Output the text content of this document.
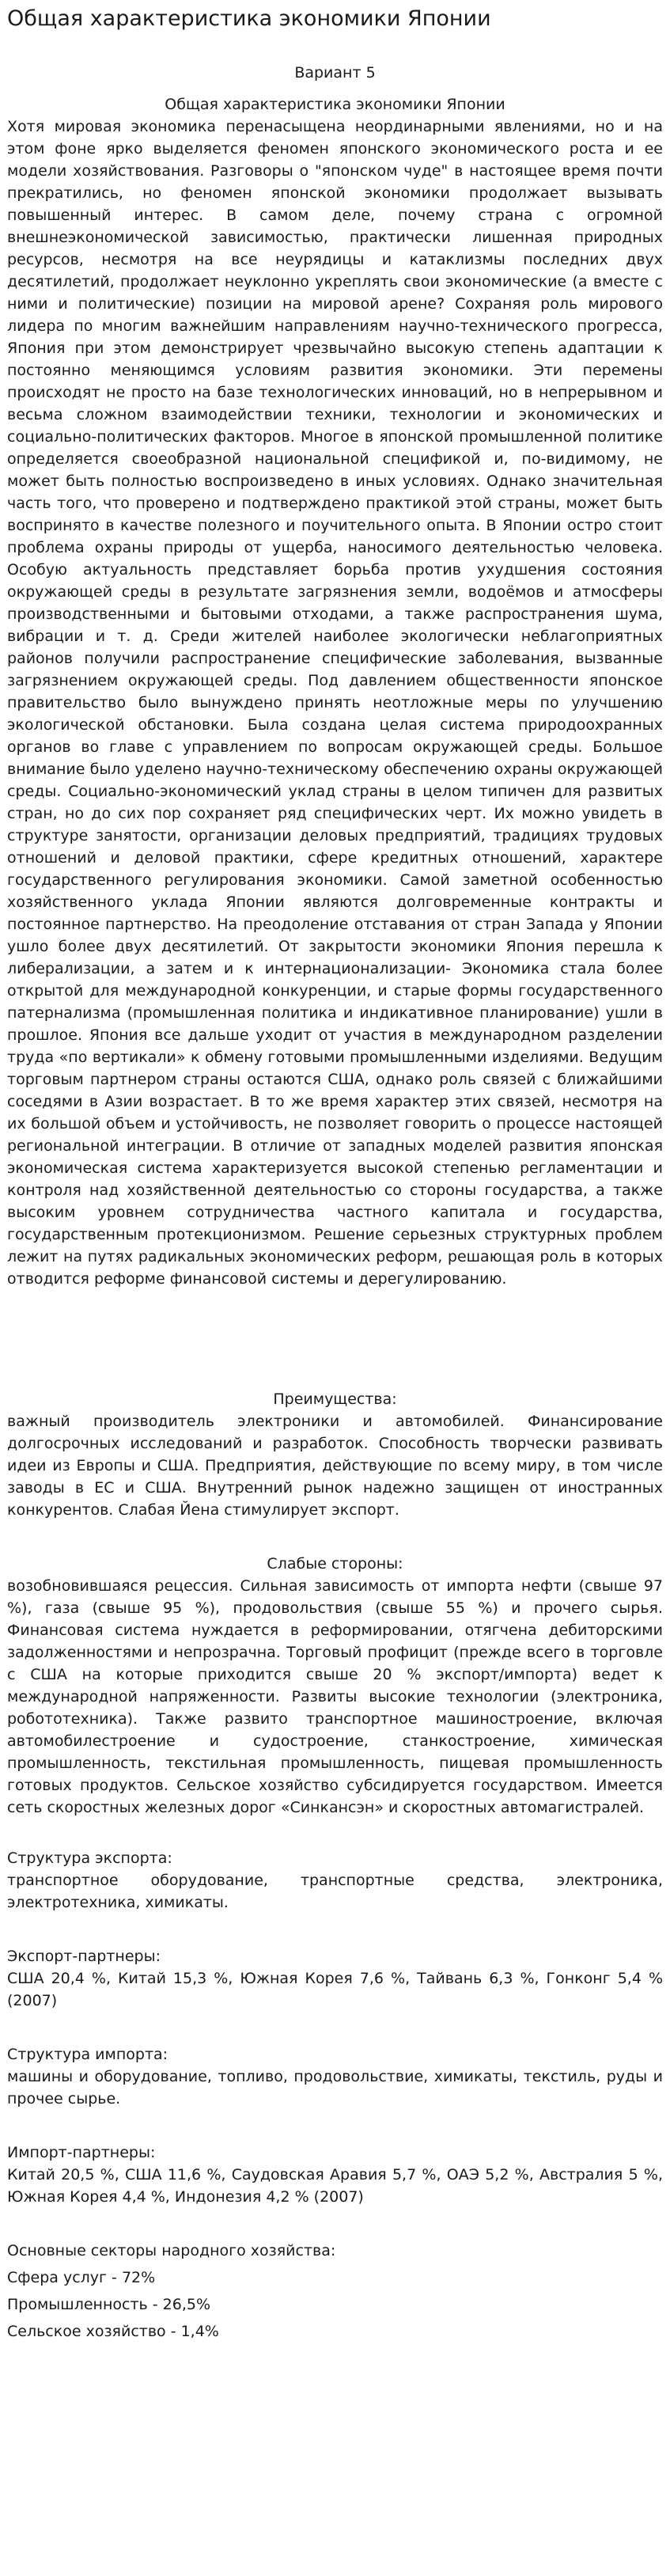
Общая характеристика экономики Японии
Вариант 5
Общая характеристика экономики Японии

Хотя мировая экономика перенасыщена неординарными явлениями, но и на этом фоне ярко выделяется феномен японского экономического роста и ее модели хозяйствования. Разговоры о "японском чуде" в настоящее время почти прекратились, но феномен японской экономики продолжает вызывать повышенный интерес. В самом деле, почему страна с огромной внешнеэкономической зависимостью, практически лишенная природных ресурсов, несмотря на все неурядицы и катаклизмы последних двух десятилетий, продолжает неуклонно укреплять свои экономические (а вместе с ними и политические) позиции на мировой арене? Сохраняя роль мирового лидера по многим важнейшим направлениям научно-технического прогресса, Япония при этом демонстрирует чрезвычайно высокую степень адаптации к постоянно меняющимся условиям развития экономики. Эти перемены происходят не просто на базе технологических инноваций, но в непрерывном и весьма сложном взаимодействии техники, технологии и экономических и социально-политических факторов. Многое в японской промышленной политике определяется своеобразной национальной спецификой и, по-видимому, не может быть полностью воспроизведено в иных условиях. Однако значительная часть того, что проверено и подтверждено практикой этой страны, может быть воспринято в качестве полезного и поучительного опыта. В Японии остро стоит проблема охраны природы от ущерба, наносимого деятельностью человека. Особую актуальность представляет борьба против ухудшения состояния окружающей среды в результате загрязнения земли, водоёмов и атмосферы производственными и бытовыми отходами, а также распространения шума, вибрации и т. д. Среди жителей наиболее экологически неблагоприятных районов получили распространение специфические заболевания, вызванные загрязнением окружающей среды. Под давлением общественности японское правительство было вынуждено принять неотложные меры по улучшению экологической обстановки. Была создана целая система природоохранных органов во главе с управлением по вопросам окружающей среды. Большое внимание было уделено научно-техническому обеспечению охраны окружающей среды. Социально-экономический уклад страны в целом типичен для развитых стран, но до сих пор сохраняет ряд специфических черт. Их можно увидеть в структуре занятости, организации деловых предприятий, традициях трудовых отношений и деловой практики, сфере кредитных отношений, характере государственного регулирования экономики. Самой заметной особенностью хозяйственного уклада Японии являются долговременные контракты и постоянное партнерство. На преодоление отставания от стран Запада у Японии ушло более двух десятилетий. От закрытости экономики Япония перешла к либерализации, а затем и к интернационализации- Экономика стала более открытой для международной конкуренции, и старые формы государственного патернализма (промышленная политика и индикативное планирование) ушли в прошлое. Япония все дальше уходит от участия в международном разделении труда «по вертикали» к обмену готовыми промышленными изделиями. Ведущим торговым партнером страны остаются США, однако роль связей с ближайшими соседями в Азии возрастает. В то же время характер этих связей, несмотря на их большой объем и устойчивость, не позволяет говорить о процессе настоящей региональной интеграции. В отличие от западных моделей развития японская экономическая система характеризуется высокой степенью регламентации и контроля над хозяйственной деятельностью со стороны государства, а также высоким уровнем сотрудничества частного капитала и государства, государственным протекционизмом. Решение серьезных структурных проблем лежит на путях радикальных экономических реформ, решающая роль в которых отводится реформе финансовой системы и дерегулированию.

Преимущества:

важный производитель электроники и автомобилей. Финансирование долгосрочных исследований и разработок. Способность творчески развивать идеи из Европы и США. Предприятия, действующие по всему миру, в том числе заводы в ЕС и США. Внутренний рынок надежно защищен от иностранных конкурентов. Слабая Йена стимулирует экспорт.

Слабые стороны:

возобновившаяся рецессия. Сильная зависимость от импорта нефти (свыше 97 %), газа (свыше 95 %), продовольствия (свыше 55 %) и прочего сырья. Финансовая система нуждается в реформировании, отягчена дебиторскими задолженностями и непрозрачна. Торговый профицит (прежде всего в торговле с США на которые приходится свыше 20 % экспорт/импорта) ведет к международной напряженности. Развиты высокие технологии (электроника, робототехника). Также развито транспортное машиностроение, включая автомобилестроение и судостроение, станкостроение, химическая промышленность, текстильная промышленность, пищевая промышленность готовых продуктов. Сельское хозяйство субсидируется государством. Имеется сеть скоростных железных дорог «Синкансэн» и скоростных автомагистралей.

Структура экспорта:

транспортное оборудование, транспортные средства, электроника, электротехника, химикаты.

Экспорт-партнеры:

США 20,4 %, Китай 15,3 %, Южная Корея 7,6 %, Тайвань 6,3 %, Гонконг 5,4 % (2007)

Структура импорта:

машины и оборудование, топливо, продовольствие, химикаты, текстиль, руды и прочее сырье.

Импорт-партнеры:

Китай 20,5 %, США 11,6 %, Саудовская Аравия 5,7 %, ОАЭ 5,2 %, Австралия 5 %, Южная Корея 4,4 %, Индонезия 4,2 % (2007)

Основные секторы народного хозяйства:
Сфера услуг - 72%
Промышленность - 26,5%
Сельское хозяйство - 1,4%
